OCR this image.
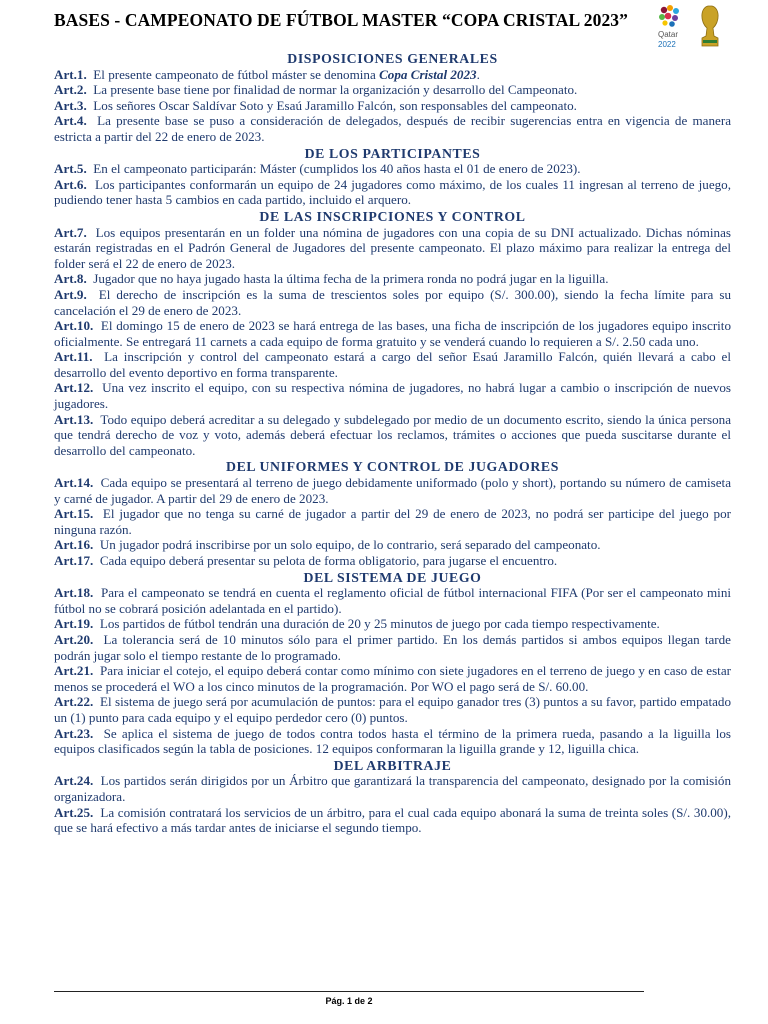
BASES - CAMPEONATO DE FÚTBOL MASTER “COPA CRISTAL 2023”
Qatar
2022
DISPOSICIONES GENERALES

Art.1. El presente campeonato de fútbol máster se denomina Copa Cristal 2023.

Art.2. La presente base tiene por finalidad de normar la organización y desarrollo del Campeonato.

Art.3. Los señores Oscar Saldívar Soto y Esaú Jaramillo Falcón, son responsables del campeonato.

Art.4. La presente base se puso a consideración de delegados, después de recibir sugerencias entra en vigencia de manera estricta a partir del 22 de enero de 2023.

DE LOS PARTICIPANTES

Art.5. En el campeonato participarán: Máster (cumplidos los 40 años hasta el 01 de enero de 2023).

Art.6. Los participantes conformarán un equipo de 24 jugadores como máximo, de los cuales 11 ingresan al terreno de juego, pudiendo tener hasta 5 cambios en cada partido, incluido el arquero.

DE LAS INSCRIPCIONES Y CONTROL

Art.7. Los equipos presentarán en un folder una nómina de jugadores con una copia de su DNI actualizado. Dichas nóminas estarán registradas en el Padrón General de Jugadores del presente campeonato. El plazo máximo para realizar la entrega del folder será el 22 de enero de 2023.

Art.8. Jugador que no haya jugado hasta la última fecha de la primera ronda no podrá jugar en la liguilla.

Art.9. El derecho de inscripción es la suma de trescientos soles por equipo (S/. 300.00), siendo la fecha límite para su cancelación el 29 de enero de 2023.

Art.10. El domingo 15 de enero de 2023 se hará entrega de las bases, una ficha de inscripción de los jugadores equipo inscrito oficialmente. Se entregará 11 carnets a cada equipo de forma gratuito y se venderá cuando lo requieren a S/. 2.50 cada uno.

Art.11. La inscripción y control del campeonato estará a cargo del señor Esaú Jaramillo Falcón, quién llevará a cabo el desarrollo del evento deportivo en forma transparente.

Art.12. Una vez inscrito el equipo, con su respectiva nómina de jugadores, no habrá lugar a cambio o inscripción de nuevos jugadores.

Art.13. Todo equipo deberá acreditar a su delegado y subdelegado por medio de un documento escrito, siendo la única persona que tendrá derecho de voz y voto, además deberá efectuar los reclamos, trámites o acciones que pueda suscitarse durante el desarrollo del campeonato.

DEL UNIFORMES Y CONTROL DE JUGADORES

Art.14. Cada equipo se presentará al terreno de juego debidamente uniformado (polo y short), portando su número de camiseta y carné de jugador. A partir del 29 de enero de 2023.

Art.15. El jugador que no tenga su carné de jugador a partir del 29 de enero de 2023, no podrá ser participe del juego por ninguna razón.

Art.16. Un jugador podrá inscribirse por un solo equipo, de lo contrario, será separado del campeonato.

Art.17. Cada equipo deberá presentar su pelota de forma obligatorio, para jugarse el encuentro.

DEL SISTEMA DE JUEGO

Art.18. Para el campeonato se tendrá en cuenta el reglamento oficial de fútbol internacional FIFA (Por ser el campeonato mini fútbol no se cobrará posición adelantada en el partido).

Art.19. Los partidos de fútbol tendrán una duración de 20 y 25 minutos de juego por cada tiempo respectivamente.

Art.20. La tolerancia será de 10 minutos sólo para el primer partido. En los demás partidos si ambos equipos llegan tarde podrán jugar solo el tiempo restante de lo programado.

Art.21. Para iniciar el cotejo, el equipo deberá contar como mínimo con siete jugadores en el terreno de juego y en caso de estar menos se procederá el WO a los cinco minutos de la programación. Por WO el pago será de S/. 60.00.

Art.22. El sistema de juego será por acumulación de puntos: para el equipo ganador tres (3) puntos a su favor, partido empatado un (1) punto para cada equipo y el equipo perdedor cero (0) puntos.

Art.23. Se aplica el sistema de juego de todos contra todos hasta el término de la primera rueda, pasando a la liguilla los equipos clasificados según la tabla de posiciones. 12 equipos conformaran la liguilla grande y 12, liguilla chica.

DEL ARBITRAJE

Art.24. Los partidos serán dirigidos por un Árbitro que garantizará la transparencia del campeonato, designado por la comisión organizadora.

Art.25. La comisión contratará los servicios de un árbitro, para el cual cada equipo abonará la suma de treinta soles (S/. 30.00), que se hará efectivo a más tardar antes de iniciarse el segundo tiempo.

Pág. 1 de 2
